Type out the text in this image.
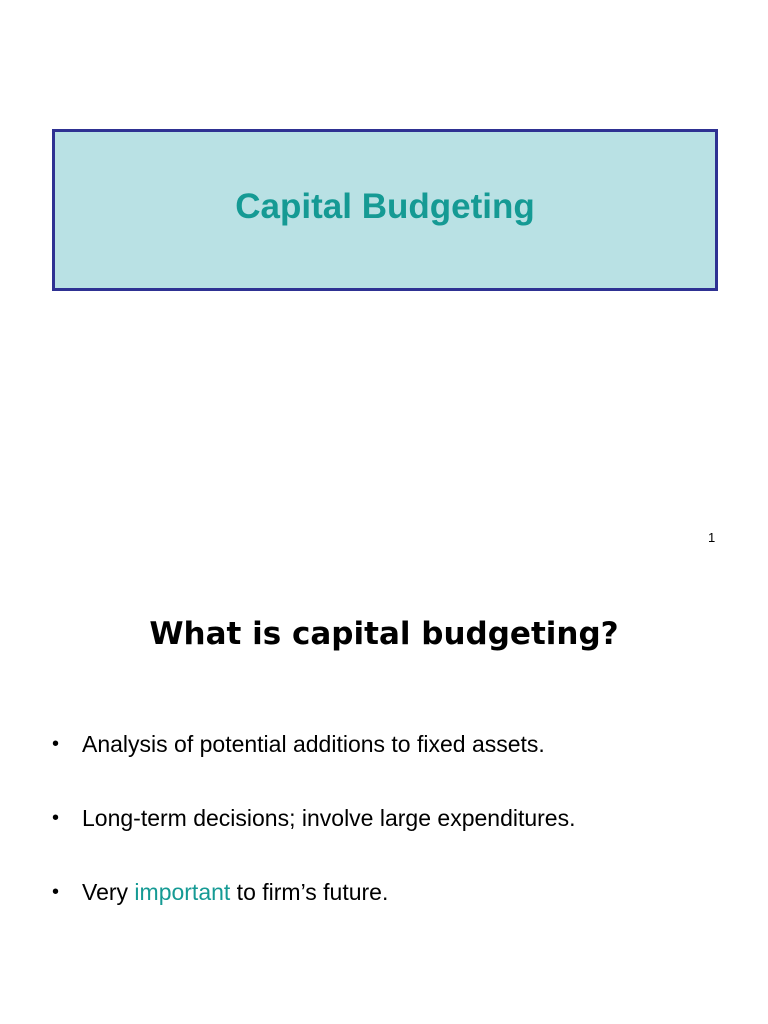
Capital Budgeting
1
What is capital budgeting?
• Analysis of potential additions to fixed assets.
• Long-term decisions; involve large expenditures.
• Very important to firm’s future.
